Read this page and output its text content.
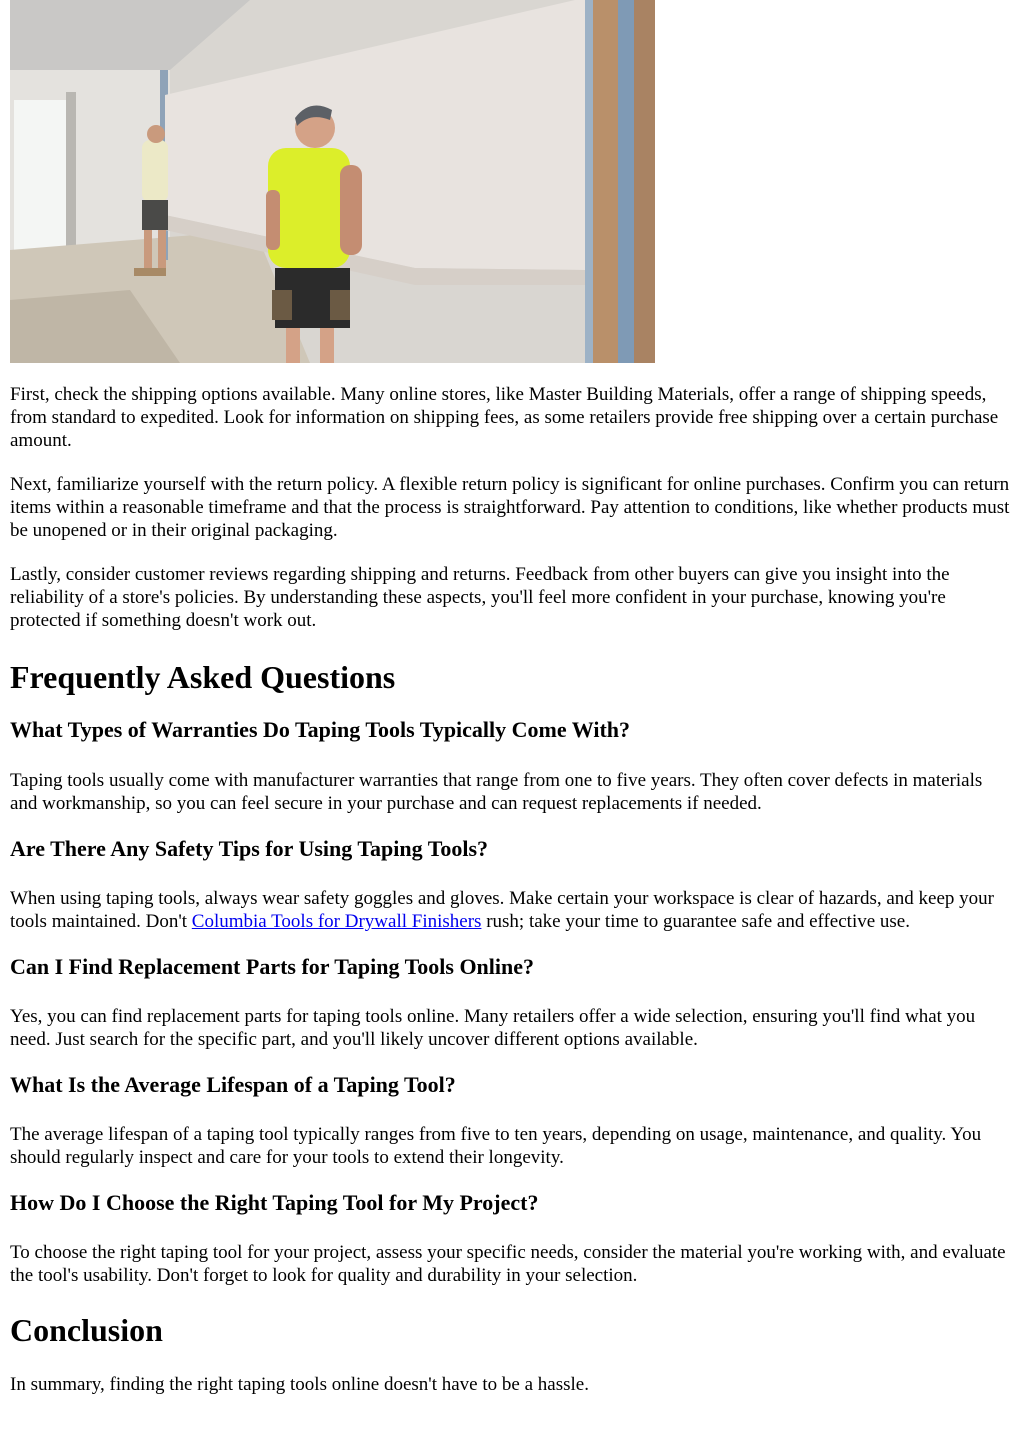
First, check the shipping options available. Many online stores, like Master Building Materials, offer a range of shipping speeds, from standard to expedited. Look for information on shipping fees, as some retailers provide free shipping over a certain purchase amount.

Next, familiarize yourself with the return policy. A flexible return policy is significant for online purchases. Confirm you can return items within a reasonable timeframe and that the process is straightforward. Pay attention to conditions, like whether products must be unopened or in their original packaging.

Lastly, consider customer reviews regarding shipping and returns. Feedback from other buyers can give you insight into the reliability of a store's policies. By understanding these aspects, you'll feel more confident in your purchase, knowing you're protected if something doesn't work out.

Frequently Asked Questions
What Types of Warranties Do Taping Tools Typically Come With?

Taping tools usually come with manufacturer warranties that range from one to five years. They often cover defects in materials and workmanship, so you can feel secure in your purchase and can request replacements if needed.

Are There Any Safety Tips for Using Taping Tools?

When using taping tools, always wear safety goggles and gloves. Make certain your workspace is clear of hazards, and keep your tools maintained. Don't Columbia Tools for Drywall Finishers rush; take your time to guarantee safe and effective use.

Can I Find Replacement Parts for Taping Tools Online?

Yes, you can find replacement parts for taping tools online. Many retailers offer a wide selection, ensuring you'll find what you need. Just search for the specific part, and you'll likely uncover different options available.

What Is the Average Lifespan of a Taping Tool?

The average lifespan of a taping tool typically ranges from five to ten years, depending on usage, maintenance, and quality. You should regularly inspect and care for your tools to extend their longevity.

How Do I Choose the Right Taping Tool for My Project?

To choose the right taping tool for your project, assess your specific needs, consider the material you're working with, and evaluate the tool's usability. Don't forget to look for quality and durability in your selection.

Conclusion

In summary, finding the right taping tools online doesn't have to be a hassle.
